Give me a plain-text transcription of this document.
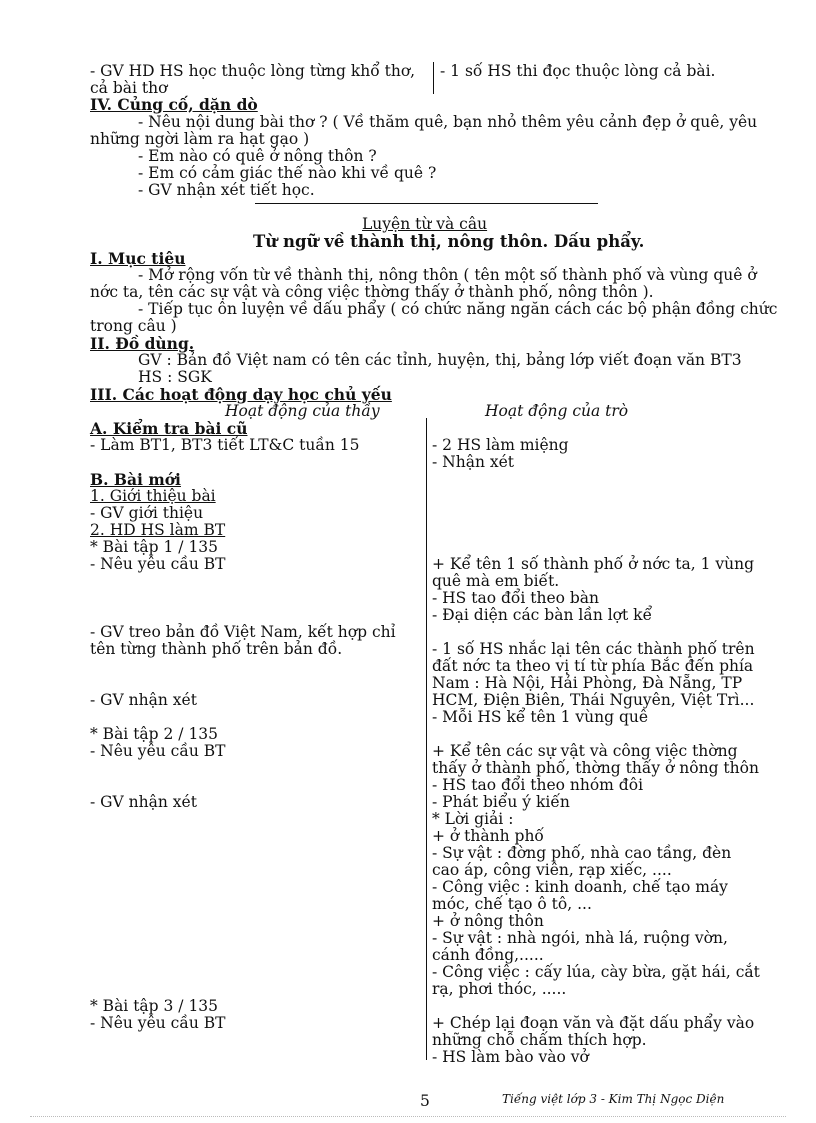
- GV HD HS học thuộc lòng từng khổ thơ,
cả bài thơ
- 1 số HS thi đọc thuộc lòng cả bài.
IV. Củng cố, dặn dò
- Nêu nội dung bài thơ ? ( Về thăm quê, bạn nhỏ thêm yêu cảnh đẹp ở quê, yêu
những ngời làm ra hạt gạo )
- Em nào có quê ở nông thôn ?
- Em có cảm giác thế nào khi về quê ?
- GV nhận xét tiết học.
Luyện từ và câu
Từ ngữ về thành thị, nông thôn. Dấu phẩy.
I. Mục tiêu
- Mở rộng vốn từ về thành thị, nông thôn ( tên một số thành phố và vùng quê ở
nớc ta, tên các sự vật và công việc thờng thấy ở thành phố, nông thôn ).
- Tiếp tục ôn luyện về dấu phẩy ( có chức năng ngăn cách các bộ phận đồng chức
trong câu )
II. Đồ dùng.
GV : Bản đồ Việt nam có tên các tỉnh, huyện, thị, bảng lớp viết đoạn văn BT3
HS : SGK
III. Các hoạt động dạy học chủ yếu
Hoạt động của thầy	Hoạt động của trò
A. Kiểm tra bài cũ
- Làm BT1, BT3 tiết LT&C tuần 15
B. Bài mới
1. Giới thiệu bài
- GV giới thiệu
2. HD HS làm BT
* Bài tập 1 / 135
- Nêu yêu cầu BT
- GV treo bản đồ Việt Nam, kết hợp chỉ
tên từng thành phố trên bản đồ.
- GV nhận xét
* Bài tập 2 / 135
- Nêu yêu cầu BT
- GV nhận xét
* Bài tập 3 / 135
- Nêu yêu cầu BT
- 2 HS làm miệng
- Nhận xét
+ Kể tên 1 số thành phố ở nớc ta, 1 vùng
quê mà em biết.
- HS tao đổi theo bàn
- Đại diện các bàn lần lợt kể
- 1 số HS nhắc lại tên các thành phố trên
đất nớc ta theo vị tí từ phía Bắc đến phía
Nam : Hà Nội, Hải Phòng, Đà Nẵng, TP
HCM, Điện Biên, Thái Nguyên, Việt Trì...
- Mỗi HS kể tên 1 vùng quê
+ Kể tên các sự vật và công việc thờng
thấy ở thành phố, thờng thấy ở nông thôn
- HS tao đổi theo nhóm đôi
- Phát biểu ý kiến
* Lời giải :
+ ở thành phố
- Sự vật : đờng phố, nhà cao tầng, đèn
cao áp, công viên, rạp xiếc, ....
- Công việc : kinh doanh, chế tạo máy
móc, chế tạo ô tô, ...
+ ở nông thôn
- Sự vật : nhà ngói, nhà lá, ruộng vờn,
cánh đồng,.....
- Công việc : cấy lúa, cày bừa, gặt hái, cắt
rạ, phơi thóc, .....
+ Chép lại đoạn văn và đặt dấu phẩy vào
những chỗ chấm thích hợp.
- HS làm bào vào vở
5	Tiếng việt lớp 3 - Kim Thị Ngọc Diện
